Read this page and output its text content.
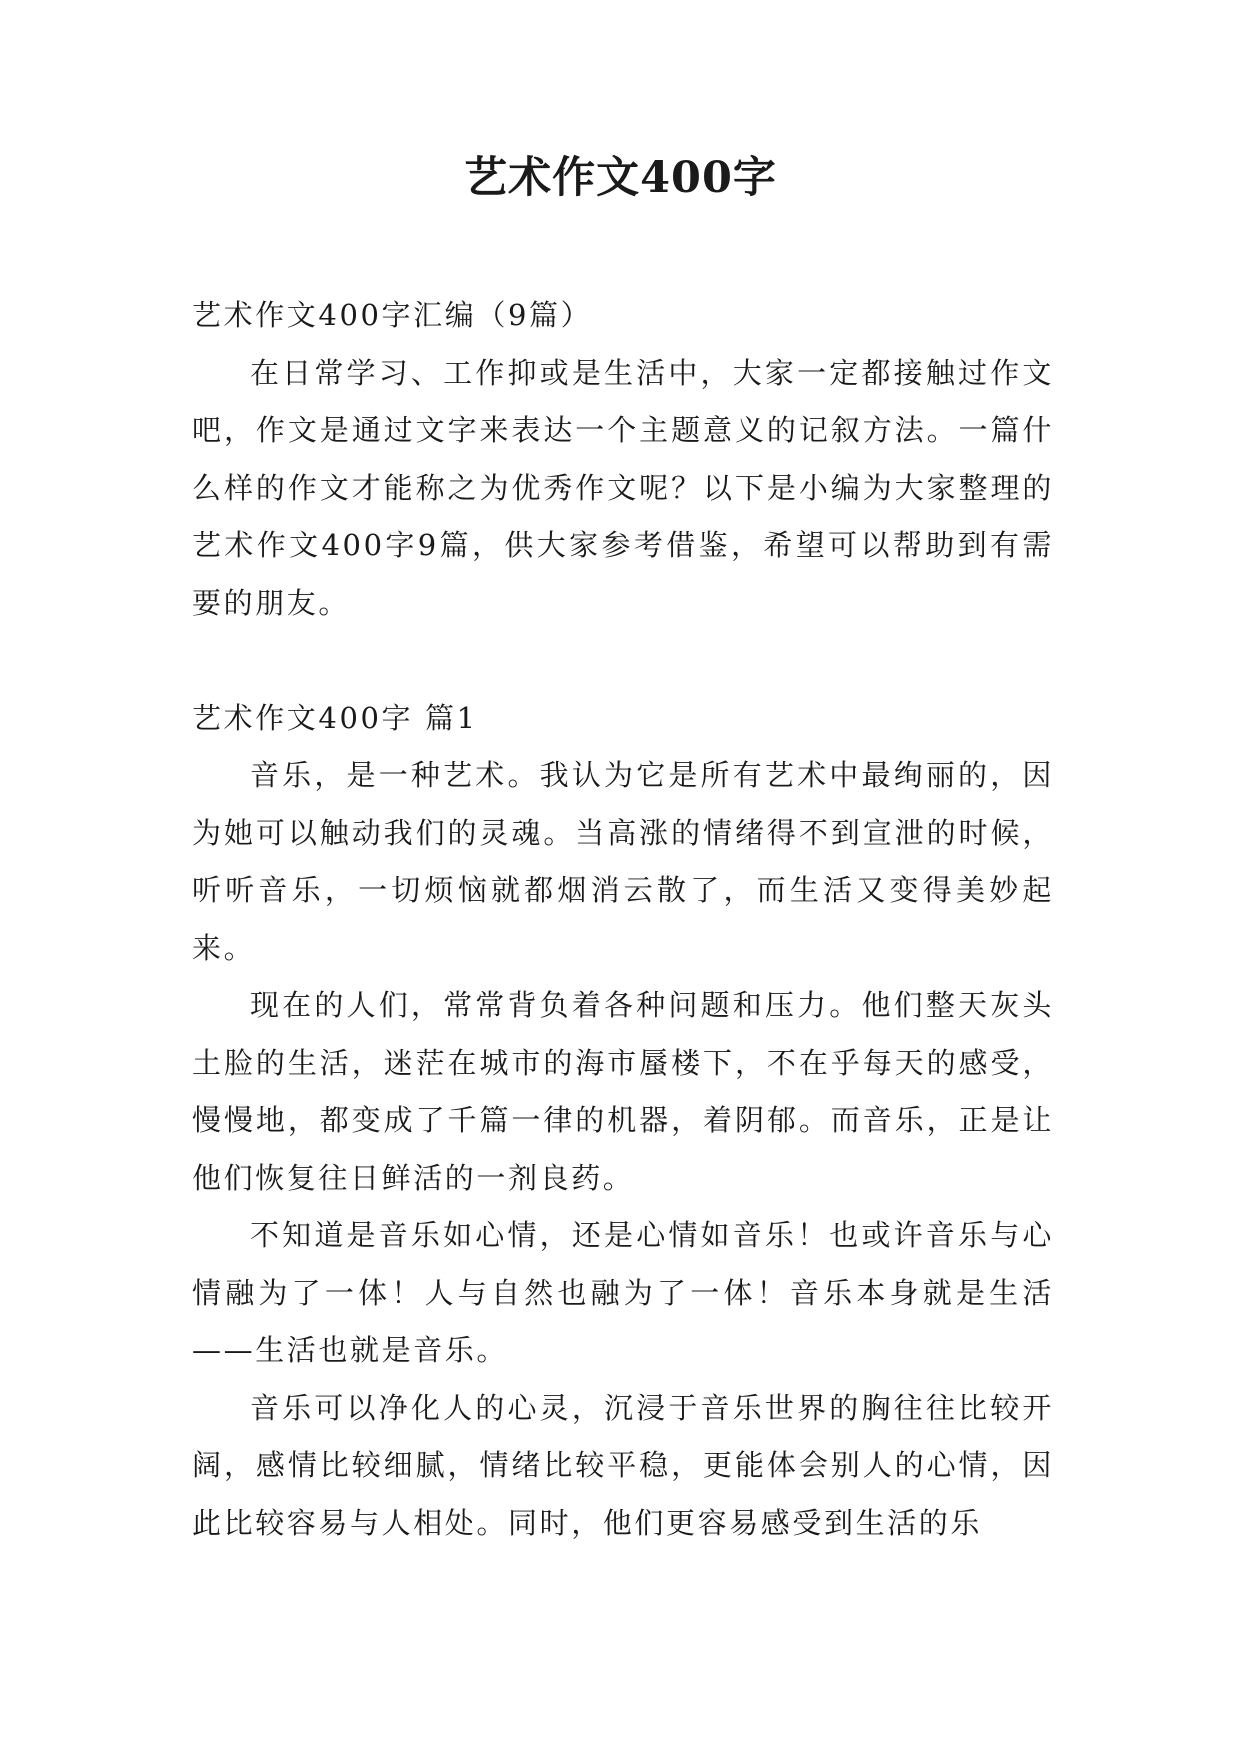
艺术作文400字

艺术作文400字汇编（9篇）

在日常学习、工作抑或是生活中，大家一定都接触过作文吧，作文是通过文字来表达一个主题意义的记叙方法。一篇什么样的作文才能称之为优秀作文呢？以下是小编为大家整理的艺术作文400字9篇，供大家参考借鉴，希望可以帮助到有需要的朋友。

艺术作文400字 篇1

音乐，是一种艺术。我认为它是所有艺术中最绚丽的，因为她可以触动我们的灵魂。当高涨的情绪得不到宣泄的时候，听听音乐，一切烦恼就都烟消云散了，而生活又变得美妙起来。

现在的人们，常常背负着各种问题和压力。他们整天灰头土脸的生活，迷茫在城市的海市蜃楼下，不在乎每天的感受，慢慢地，都变成了千篇一律的机器，着阴郁。而音乐，正是让他们恢复往日鲜活的一剂良药。

不知道是音乐如心情，还是心情如音乐！也或许音乐与心情融为了一体！人与自然也融为了一体！音乐本身就是生活——生活也就是音乐。

音乐可以净化人的心灵，沉浸于音乐世界的胸往往比较开阔，感情比较细腻，情绪比较平稳，更能体会别人的心情，因此比较容易与人相处。同时，他们更容易感受到生活的乐
